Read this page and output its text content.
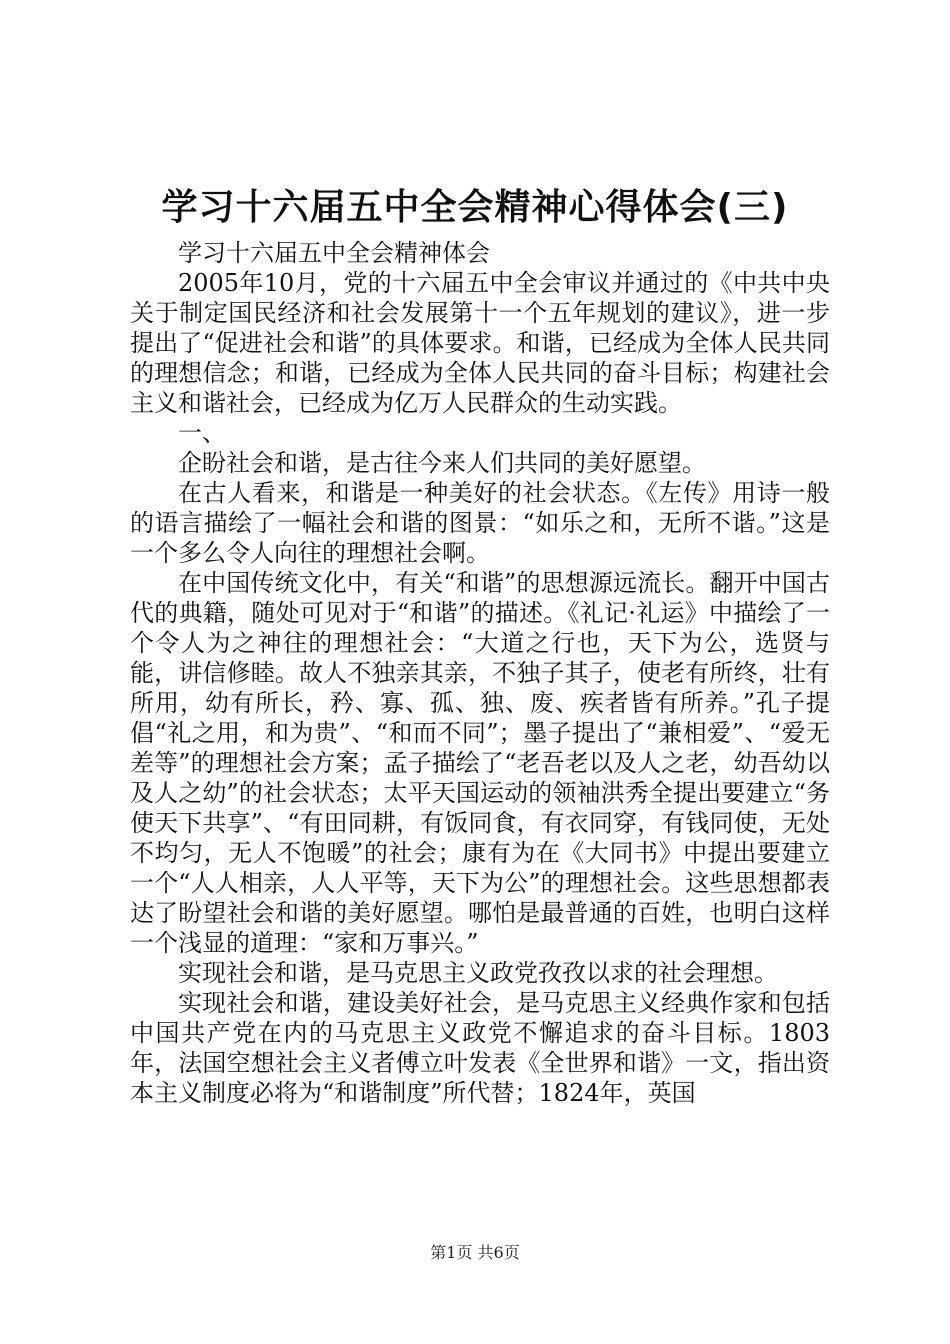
学习十六届五中全会精神心得体会(三)

学习十六届五中全会精神体会

2005年10月，党的十六届五中全会审议并通过的《中共中央关于制定国民经济和社会发展第十一个五年规划的建议》，进一步提出了“促进社会和谐”的具体要求。和谐，已经成为全体人民共同的理想信念；和谐，已经成为全体人民共同的奋斗目标；构建社会主义和谐社会，已经成为亿万人民群众的生动实践。

一、

企盼社会和谐，是古往今来人们共同的美好愿望。

在古人看来，和谐是一种美好的社会状态。《左传》用诗一般的语言描绘了一幅社会和谐的图景：“如乐之和，无所不谐。”这是一个多么令人向往的理想社会啊。

在中国传统文化中，有关“和谐”的思想源远流长。翻开中国古代的典籍，随处可见对于“和谐”的描述。《礼记·礼运》中描绘了一个令人为之神往的理想社会：“大道之行也，天下为公，选贤与能，讲信修睦。故人不独亲其亲，不独子其子，使老有所终，壮有所用，幼有所长，矜、寡、孤、独、废、疾者皆有所养。”孔子提倡“礼之用，和为贵”、“和而不同”；墨子提出了“兼相爱”、“爱无差等”的理想社会方案；孟子描绘了“老吾老以及人之老，幼吾幼以及人之幼”的社会状态；太平天国运动的领袖洪秀全提出要建立“务使天下共享”、“有田同耕，有饭同食，有衣同穿，有钱同使，无处不均匀，无人不饱暖”的社会；康有为在《大同书》中提出要建立一个“人人相亲，人人平等，天下为公”的理想社会。这些思想都表达了盼望社会和谐的美好愿望。哪怕是最普通的百姓，也明白这样一个浅显的道理：“家和万事兴。”

实现社会和谐，是马克思主义政党孜孜以求的社会理想。

实现社会和谐，建设美好社会，是马克思主义经典作家和包括中国共产党在内的马克思主义政党不懈追求的奋斗目标。1803年，法国空想社会主义者傅立叶发表《全世界和谐》一文，指出资本主义制度必将为“和谐制度”所代替；1824年，英国

第1页 共6页
